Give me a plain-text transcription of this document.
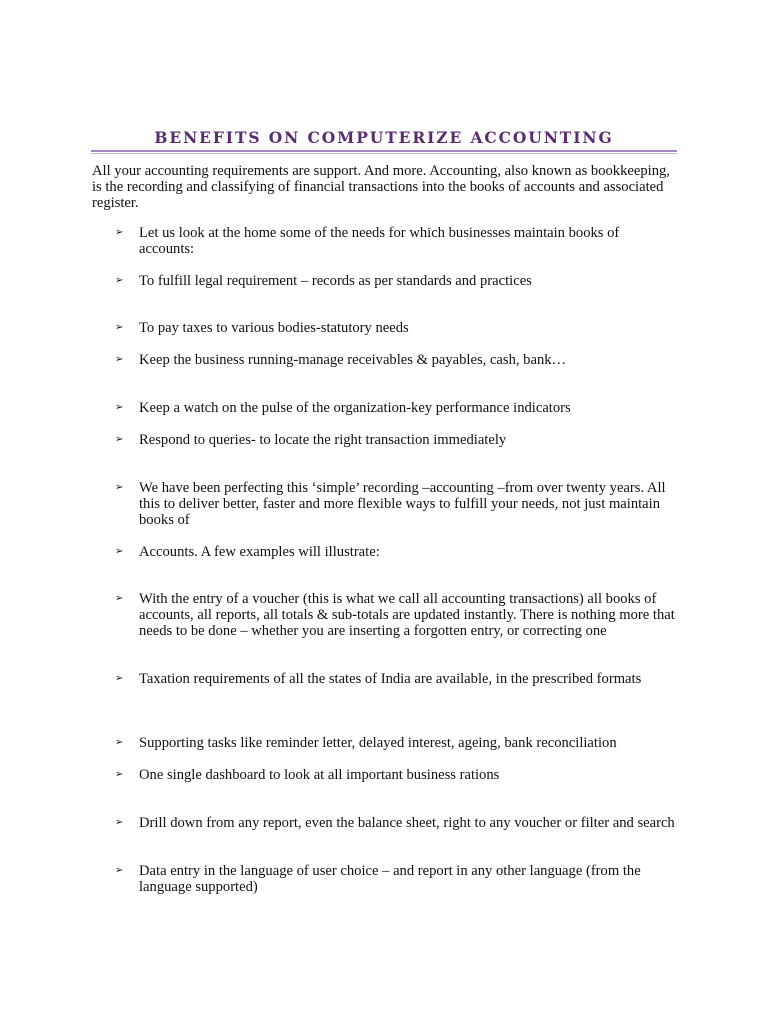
BENEFITS ON COMPUTERIZE ACCOUNTING

All your accounting requirements are support. And more. Accounting, also known as bookkeeping, is the recording and classifying of financial transactions into the books of accounts and associated register.

➢	Let us look at the home some of the needs for which businesses maintain books of accounts:
➢	To fulfill legal requirement – records as per standards and practices
➢	To pay taxes to various bodies-statutory needs
➢	Keep the business running-manage receivables & payables, cash, bank…
➢	Keep a watch on the pulse of the organization-key performance indicators
➢	Respond to queries- to locate the right transaction immediately
➢	We have been perfecting this ‘simple’ recording –accounting –from over twenty years. All this to deliver better, faster and more flexible ways to fulfill your needs, not just maintain books of
➢	Accounts. A few examples will illustrate:
➢	With the entry of a voucher (this is what we call all accounting transactions) all books of accounts, all reports, all totals & sub-totals are updated instantly. There is nothing more that needs to be done – whether you are inserting a forgotten entry, or correcting one
➢	Taxation requirements of all the states of India are available, in the prescribed formats
➢	Supporting tasks like reminder letter, delayed interest, ageing, bank reconciliation
➢	One single dashboard to look at all important business rations
➢	Drill down from any report, even the balance sheet, right to any voucher or filter and search
➢	Data entry in the language of user choice – and report in any other language (from the language supported)
